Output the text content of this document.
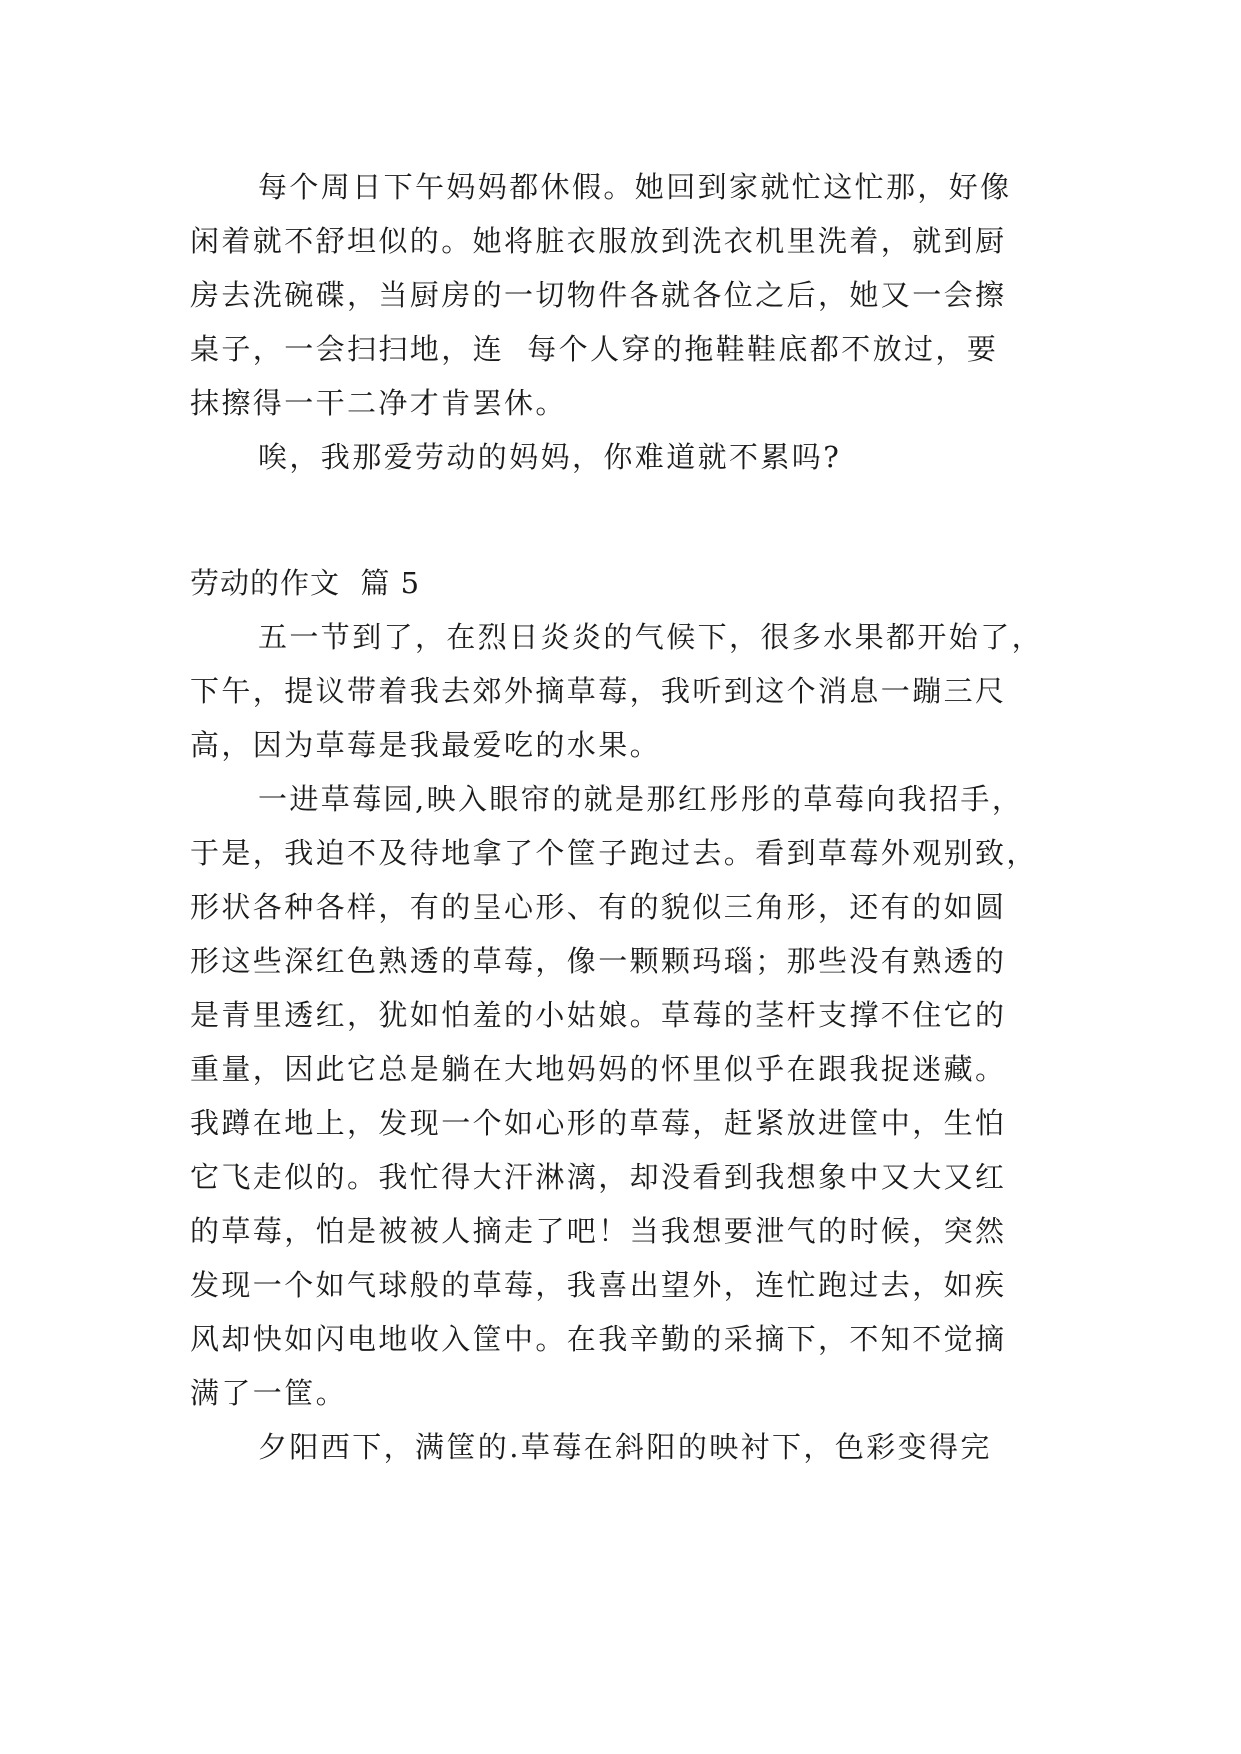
每个周日下午妈妈都休假。她回到家就忙这忙那，好像

闲着就不舒坦似的。她将脏衣服放到洗衣机里洗着，就到厨

房去洗碗碟，当厨房的一切物件各就各位之后，她又一会擦

桌子，一会扫扫地，连  每个人穿的拖鞋鞋底都不放过，要

抹擦得一干二净才肯罢休。

唉，我那爱劳动的妈妈，你难道就不累吗?

劳动的作文  篇 5

五一节到了，在烈日炎炎的气候下，很多水果都开始了，

下午，提议带着我去郊外摘草莓，我听到这个消息一蹦三尺

高，因为草莓是我最爱吃的水果。

一进草莓园,映入眼帘的就是那红彤彤的草莓向我招手，

于是，我迫不及待地拿了个筐子跑过去。看到草莓外观别致，

形状各种各样，有的呈心形、有的貌似三角形，还有的如圆

形这些深红色熟透的草莓，像一颗颗玛瑙；那些没有熟透的

是青里透红，犹如怕羞的小姑娘。草莓的茎杆支撑不住它的

重量，因此它总是躺在大地妈妈的怀里似乎在跟我捉迷藏。

我蹲在地上，发现一个如心形的草莓，赶紧放进筐中，生怕

它飞走似的。我忙得大汗淋漓，却没看到我想象中又大又红

的草莓，怕是被被人摘走了吧！当我想要泄气的时候，突然

发现一个如气球般的草莓，我喜出望外，连忙跑过去，如疾

风却快如闪电地收入筐中。在我辛勤的采摘下，不知不觉摘

满了一筐。

夕阳西下，满筐的.草莓在斜阳的映衬下，色彩变得完
